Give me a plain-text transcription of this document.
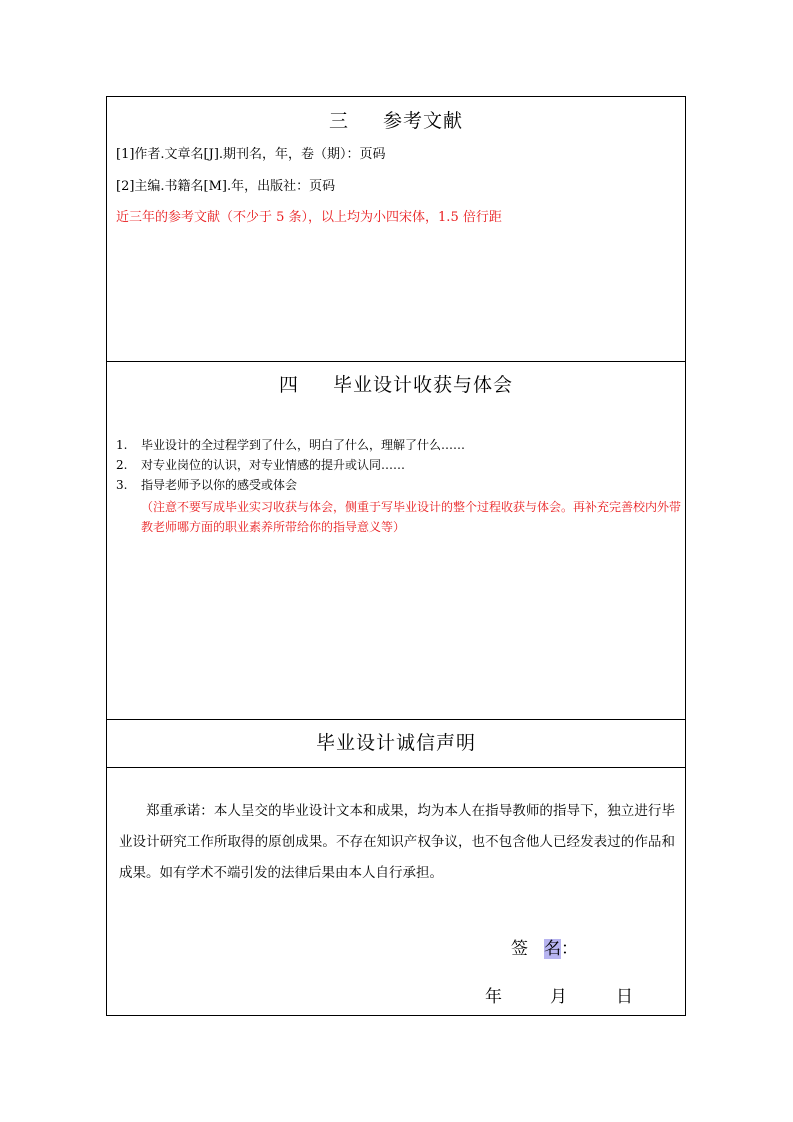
三 参考文献
[1]作者.文章名[J].期刊名，年，卷（期）：页码
[2]主编.书籍名[M].年，出版社：页码
近三年的参考文献（不少于 5 条），以上均为小四宋体，1.5 倍行距
四 毕业设计收获与体会
1. 毕业设计的全过程学到了什么，明白了什么，理解了什么……
2. 对专业岗位的认识，对专业情感的提升或认同……
3. 指导老师予以你的感受或体会
（注意不要写成毕业实习收获与体会，侧重于写毕业设计的整个过程收获与体会。再补充完善校内外带教老师哪方面的职业素养所带给你的指导意义等）
毕业设计诚信声明
郑重承诺：本人呈交的毕业设计文本和成果，均为本人在指导教师的指导下，独立进行毕业设计研究工作所取得的原创成果。不存在知识产权争议，也不包含他人已经发表过的作品和成果。如有学术不端引发的法律后果由本人自行承担。
签 名：
年	月	日
